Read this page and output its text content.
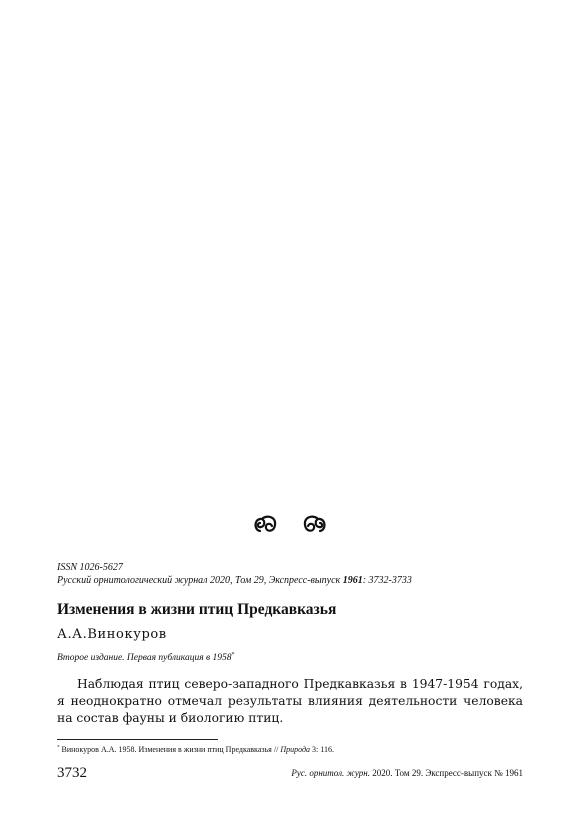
ISSN 1026-5627
Русский орнитологический журнал 2020, Том 29, Экспресс-выпуск 1961: 3732-3733
Изменения в жизни птиц Предкавказья
А.А.Винокуров
Второе издание. Первая публикация в 1958*
Наблюдая птиц северо-западного Предкавказья в 1947-1954 годах, я неоднократно отмечал результаты влияния деятельности человека на состав фауны и биологию птиц.
* Винокуров А.А. 1958. Изменения в жизни птиц Предкавказья // Природа 3: 116.
3732	Рус. орнитол. журн. 2020. Том 29. Экспресс-выпуск № 1961
